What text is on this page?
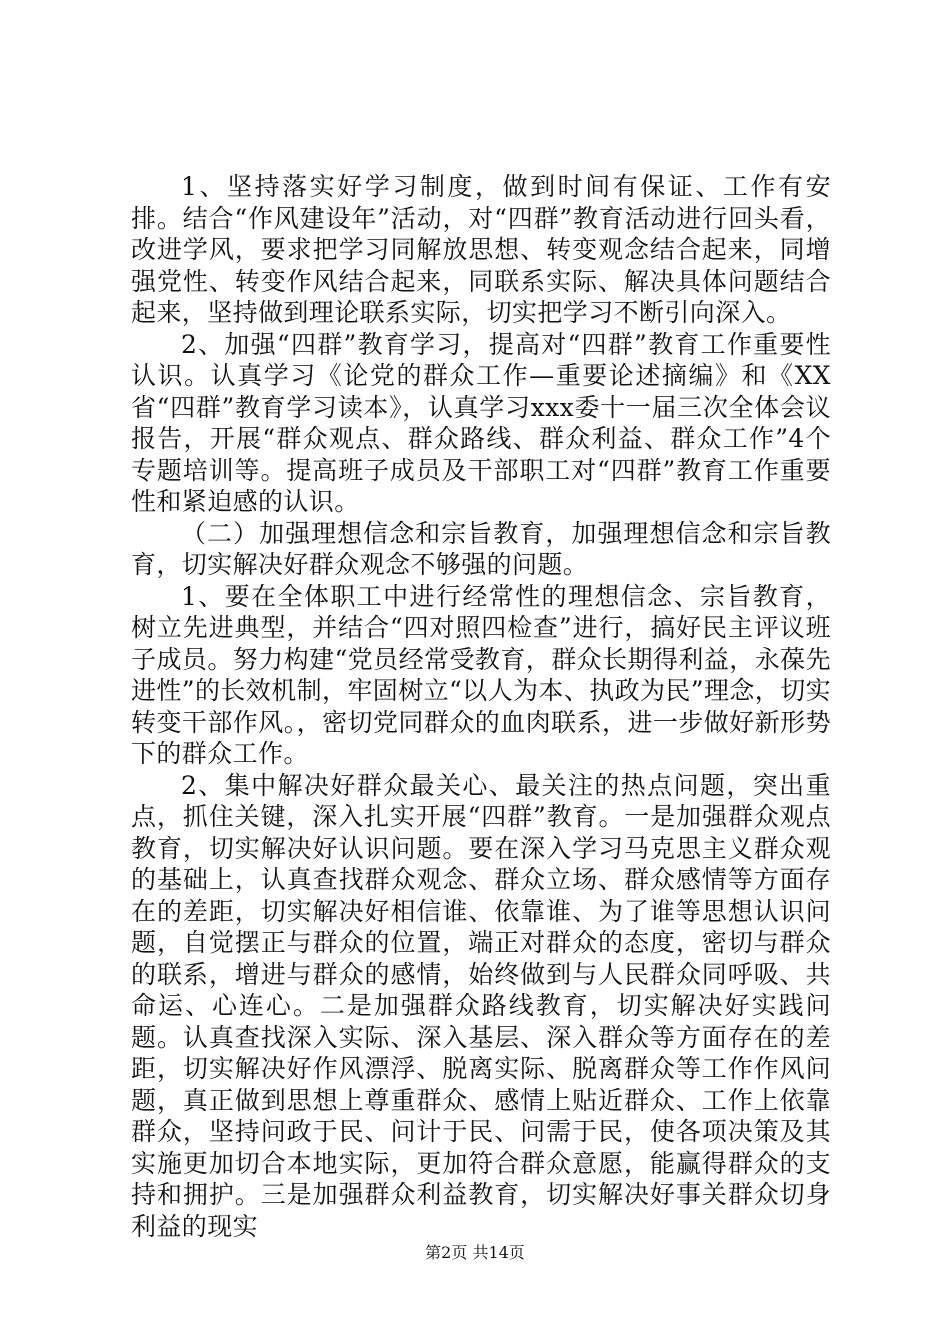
1、坚持落实好学习制度，做到时间有保证、工作有安排。结合“作风建设年”活动，对“四群”教育活动进行回头看，改进学风，要求把学习同解放思想、转变观念结合起来，同增强党性、转变作风结合起来，同联系实际、解决具体问题结合起来，坚持做到理论联系实际，切实把学习不断引向深入。

2、加强“四群”教育学习，提高对“四群”教育工作重要性认识。认真学习《论党的群众工作—重要论述摘编》和《XX省“四群”教育学习读本》，认真学习xxx委十一届三次全体会议报告，开展“群众观点、群众路线、群众利益、群众工作”4个专题培训等。提高班子成员及干部职工对“四群”教育工作重要性和紧迫感的认识。

（二）加强理想信念和宗旨教育，加强理想信念和宗旨教育，切实解决好群众观念不够强的问题。

1、要在全体职工中进行经常性的理想信念、宗旨教育，树立先进典型，并结合“四对照四检查”进行，搞好民主评议班子成员。努力构建“党员经常受教育，群众长期得利益，永葆先进性”的长效机制，牢固树立“以人为本、执政为民”理念，切实转变干部作风。，密切党同群众的血肉联系，进一步做好新形势下的群众工作。

2、集中解决好群众最关心、最关注的热点问题，突出重点，抓住关键，深入扎实开展“四群”教育。一是加强群众观点教育，切实解决好认识问题。要在深入学习马克思主义群众观的基础上，认真查找群众观念、群众立场、群众感情等方面存在的差距，切实解决好相信谁、依靠谁、为了谁等思想认识问题，自觉摆正与群众的位置，端正对群众的态度，密切与群众的联系，增进与群众的感情，始终做到与人民群众同呼吸、共命运、心连心。二是加强群众路线教育，切实解决好实践问题。认真查找深入实际、深入基层、深入群众等方面存在的差距，切实解决好作风漂浮、脱离实际、脱离群众等工作作风问题，真正做到思想上尊重群众、感情上贴近群众、工作上依靠群众，坚持问政于民、问计于民、问需于民，使各项决策及其实施更加切合本地实际，更加符合群众意愿，能赢得群众的支持和拥护。三是加强群众利益教育，切实解决好事关群众切身利益的现实

第2页 共14页
